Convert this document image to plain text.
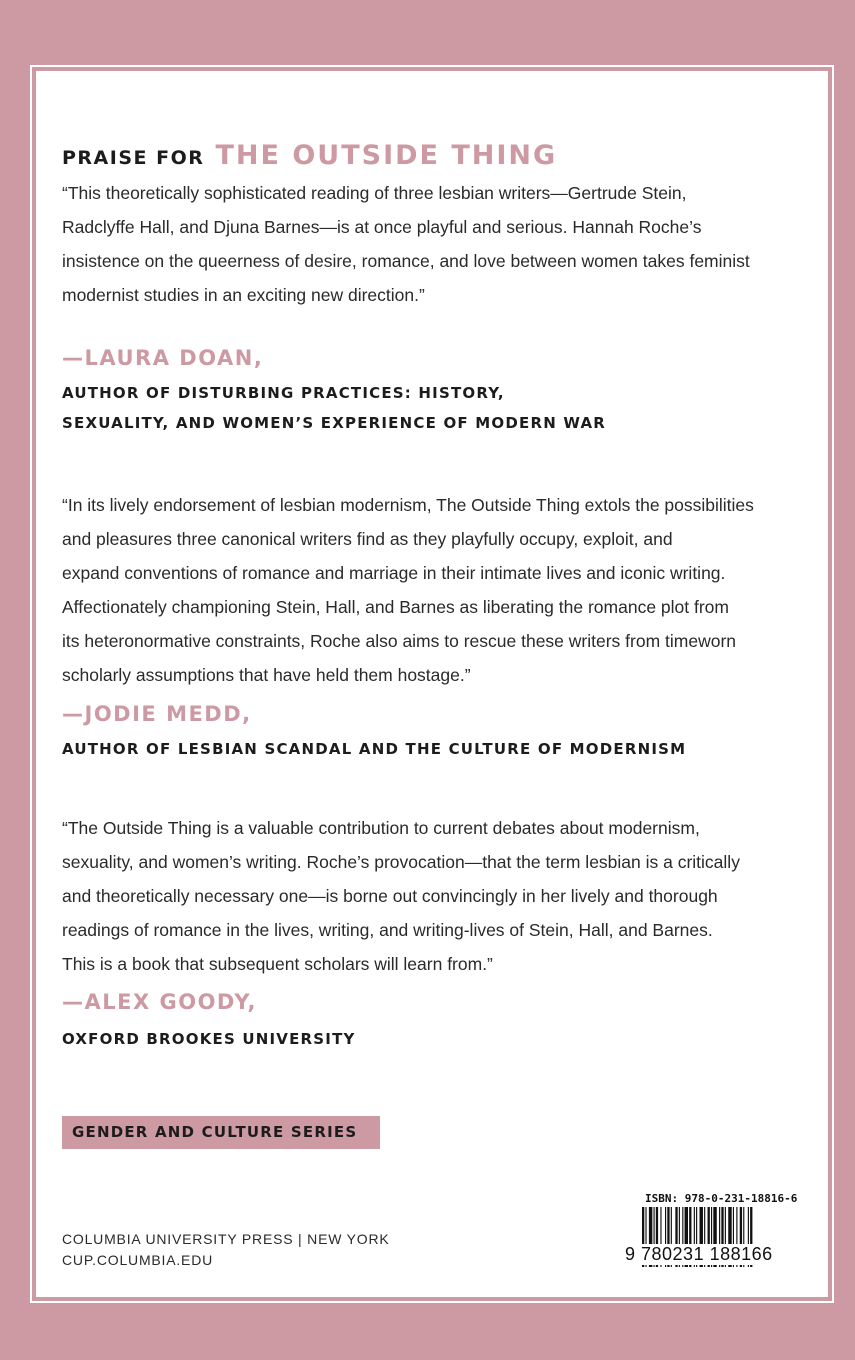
PRAISE FOR THE OUTSIDE THING
“This theoretically sophisticated reading of three lesbian writers—Gertrude Stein,
Radclyffe Hall, and Djuna Barnes—is at once playful and serious. Hannah Roche’s
insistence on the queerness of desire, romance, and love between women takes feminist
modernist studies in an exciting new direction.”
—LAURA DOAN,
AUTHOR OF DISTURBING PRACTICES: HISTORY,
SEXUALITY, AND WOMEN’S EXPERIENCE OF MODERN WAR
“In its lively endorsement of lesbian modernism, The Outside Thing extols the possibilities
and pleasures three canonical writers find as they playfully occupy, exploit, and
expand conventions of romance and marriage in their intimate lives and iconic writing.
Affectionately championing Stein, Hall, and Barnes as liberating the romance plot from
its heteronormative constraints, Roche also aims to rescue these writers from timeworn
scholarly assumptions that have held them hostage.”
—JODIE MEDD,
AUTHOR OF LESBIAN SCANDAL AND THE CULTURE OF MODERNISM
“The Outside Thing is a valuable contribution to current debates about modernism,
sexuality, and women’s writing. Roche’s provocation—that the term lesbian is a critically
and theoretically necessary one—is borne out convincingly in her lively and thorough
readings of romance in the lives, writing, and writing-lives of Stein, Hall, and Barnes.
This is a book that subsequent scholars will learn from.”
—ALEX GOODY,
OXFORD BROOKES UNIVERSITY
GENDER AND CULTURE SERIES
COLUMBIA UNIVERSITY PRESS | NEW YORK
CUP.COLUMBIA.EDU
ISBN: 978-0-231-18816-6
9 780231 188166
